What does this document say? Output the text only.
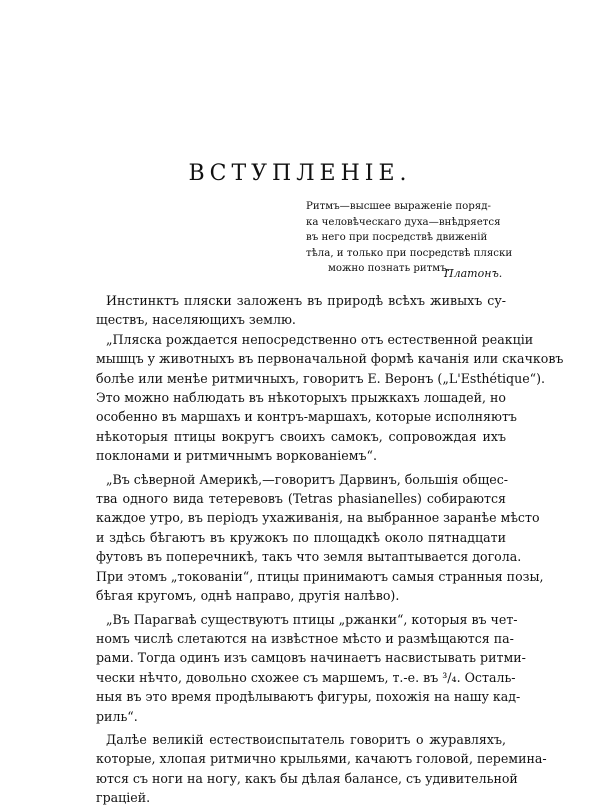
ВСТУПЛЕНІЕ.
Ритмъ—высшее выраженіе поряд-
ка человѣческаго духа—внѣдряется
въ него при посредствѣ движеній
тѣла, и только при посредствѣ пляски
можно познать ритмъ.
Платонъ.
Инстинктъ пляски заложенъ въ природѣ всѣхъ живыхъ су-
ществъ, населяющихъ землю.
„Пляска рождается непосредственно отъ естественной реакціи
мышцъ у животныхъ въ первоначальной формѣ качанія или скачковъ
болѣе или менѣе ритмичныхъ, говоритъ Е. Веронъ („L'Esthétique“).
Это можно наблюдать въ нѣкоторыхъ прыжкахъ лошадей, но
особенно въ маршахъ и контръ-маршахъ, которые исполняютъ
нѣкоторыя птицы вокругъ своихъ самокъ, сопровождая ихъ
поклонами и ритмичнымъ воркованіемъ“.
„Въ сѣверной Америкѣ,—говоритъ Дарвинъ, большія общес-
тва одного вида тетеревовъ (Tetras phasianelles) собираются
каждое утро, въ періодъ ухаживанія, на выбранное заранѣе мѣсто
и здѣсь бѣгаютъ въ кружокъ по площадкѣ около пятнадцати
футовъ въ поперечникѣ, такъ что земля вытаптывается догола.
При этомъ „токованіи“, птицы принимаютъ самыя странныя позы,
бѣгая кругомъ, однѣ направо, другія налѣво).
„Въ Парагваѣ существуютъ птицы „ржанки“, которыя въ чет-
номъ числѣ слетаются на извѣстное мѣсто и размѣщаются па-
рами. Тогда одинъ изъ самцовъ начинаетъ насвистывать ритми-
чески нѣчто, довольно схожее съ маршемъ, т.-е. въ ³/₄. Осталь-
ныя въ это время продѣлываютъ фигуры, похожія на нашу кад-
риль“.
Далѣе великій естествоиспытатель говоритъ о журавляхъ,
которые, хлопая ритмично крыльями, качаютъ головой, перемина-
ются съ ноги на ногу, какъ бы дѣлая балансе, съ удивительной
граціей.
